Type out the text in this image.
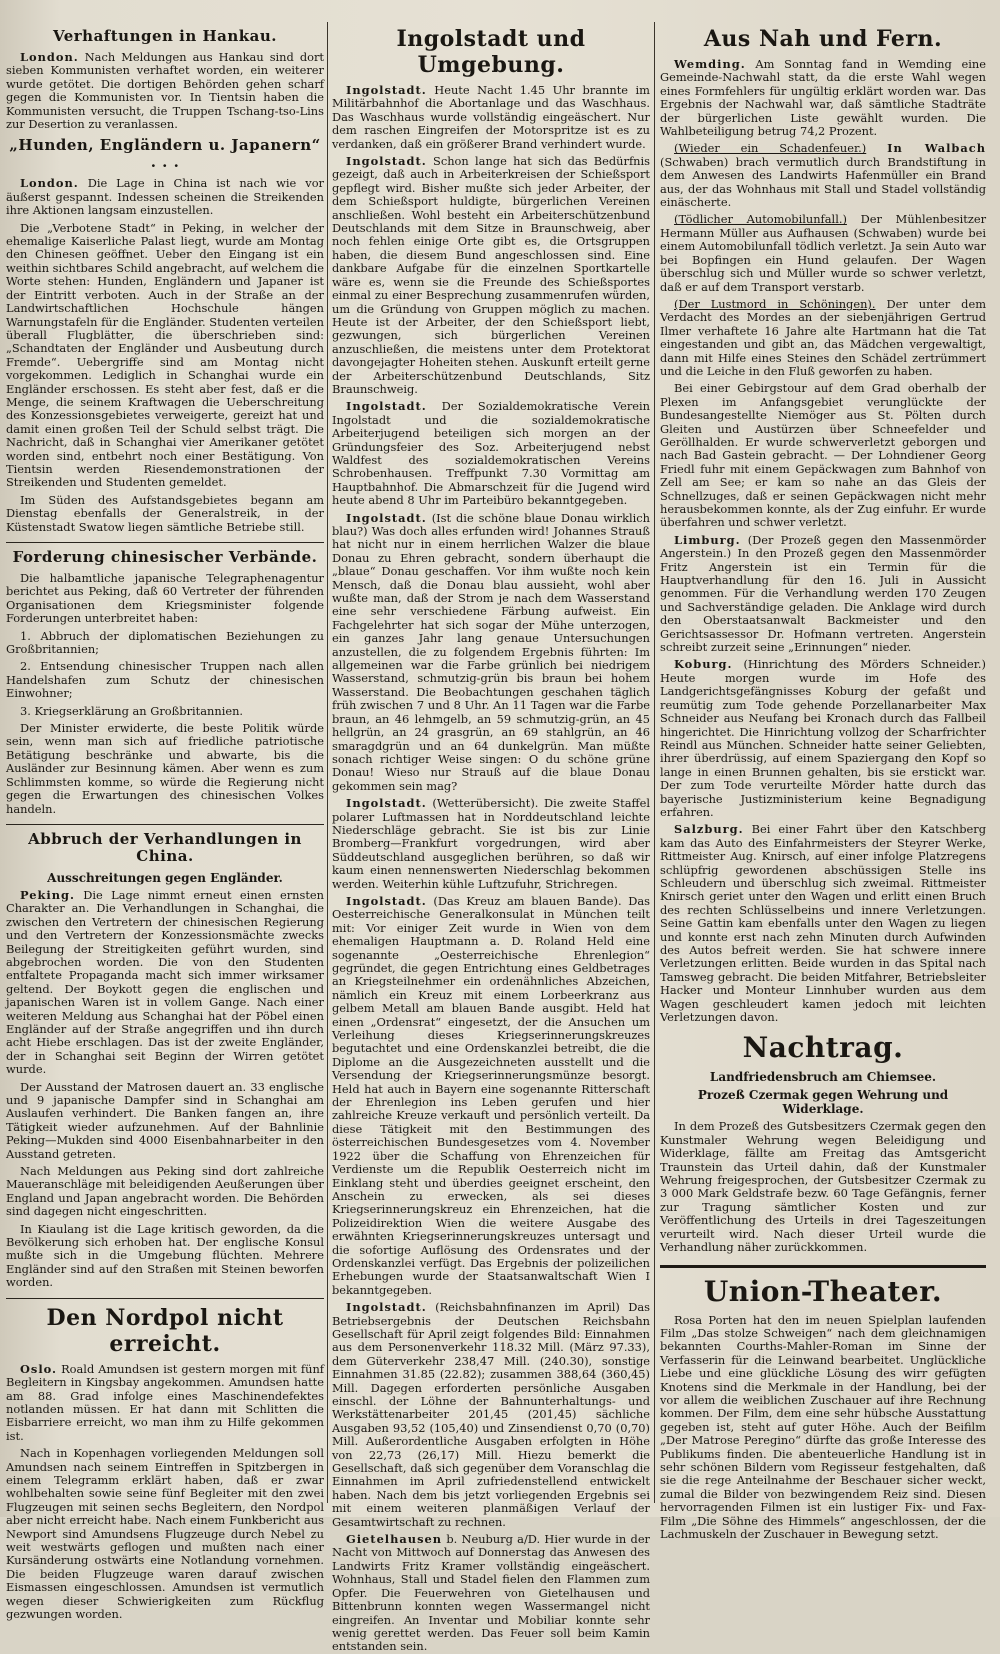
Verhaftungen in Hankau.

London. Nach Meldungen aus Hankau sind dort sieben Kommunisten verhaftet worden, ein weiterer wurde getötet. Die dortigen Behörden gehen scharf gegen die Kommunisten vor. In Tientsin haben die Kommunisten versucht, die Truppen Tschang-tso-Lins zur Desertion zu veranlassen.

„Hunden, Engländern u. Japanern“ . . .

London. Die Lage in China ist nach wie vor äußerst gespannt. Indessen scheinen die Streikenden ihre Aktionen langsam einzustellen.

Die „Verbotene Stadt“ in Peking, in welcher der ehemalige Kaiserliche Palast liegt, wurde am Montag den Chinesen geöffnet. Ueber den Eingang ist ein weithin sichtbares Schild angebracht, auf welchem die Worte stehen: Hunden, Engländern und Japaner ist der Eintritt verboten. Auch in der Straße an der Landwirtschaftlichen Hochschule hängen Warnungstafeln für die Engländer. Studenten verteilen überall Flugblätter, die überschrieben sind: „Schandtaten der Engländer und Ausbeutung durch Fremde“. Uebergriffe sind am Montag nicht vorgekommen. Lediglich in Schanghai wurde ein Engländer erschossen. Es steht aber fest, daß er die Menge, die seinem Kraftwagen die Ueberschreitung des Konzessionsgebietes verweigerte, gereizt hat und damit einen großen Teil der Schuld selbst trägt. Die Nachricht, daß in Schanghai vier Amerikaner getötet worden sind, entbehrt noch einer Bestätigung. Von Tientsin werden Riesendemonstrationen der Streikenden und Studenten gemeldet.

Im Süden des Aufstandsgebietes begann am Dienstag ebenfalls der Generalstreik, in der Küstenstadt Swatow liegen sämtliche Betriebe still.

Forderung chinesischer Verbände.

Die halbamtliche japanische Telegraphenagentur berichtet aus Peking, daß 60 Vertreter der führenden Organisationen dem Kriegsminister folgende Forderungen unterbreitet haben:

1. Abbruch der diplomatischen Beziehungen zu Großbritannien;

2. Entsendung chinesischer Truppen nach allen Handelshafen zum Schutz der chinesischen Einwohner;

3. Kriegserklärung an Großbritannien.

Der Minister erwiderte, die beste Politik würde sein, wenn man sich auf friedliche patriotische Betätigung beschränke und abwarte, bis die Ausländer zur Besinnung kämen. Aber wenn es zum Schlimmsten komme, so würde die Regierung nicht gegen die Erwartungen des chinesischen Volkes handeln.

Abbruch der Verhandlungen in China.
Ausschreitungen gegen Engländer.

Peking. Die Lage nimmt erneut einen ernsten Charakter an. Die Verhandlungen in Schanghai, die zwischen den Vertretern der chinesischen Regierung und den Vertretern der Konzessionsmächte zwecks Beilegung der Streitigkeiten geführt wurden, sind abgebrochen worden. Die von den Studenten entfaltete Propaganda macht sich immer wirksamer geltend. Der Boykott gegen die englischen und japanischen Waren ist in vollem Gange. Nach einer weiteren Meldung aus Schanghai hat der Pöbel einen Engländer auf der Straße angegriffen und ihn durch acht Hiebe erschlagen. Das ist der zweite Engländer, der in Schanghai seit Beginn der Wirren getötet wurde.

Der Ausstand der Matrosen dauert an. 33 englische und 9 japanische Dampfer sind in Schanghai am Auslaufen verhindert. Die Banken fangen an, ihre Tätigkeit wieder aufzunehmen. Auf der Bahnlinie Peking—Mukden sind 4000 Eisenbahnarbeiter in den Ausstand getreten.

Nach Meldungen aus Peking sind dort zahlreiche Maueranschläge mit beleidigenden Aeußerungen über England und Japan angebracht worden. Die Behörden sind dagegen nicht eingeschritten.

In Kiaulang ist die Lage kritisch geworden, da die Bevölkerung sich erhoben hat. Der englische Konsul mußte sich in die Umgebung flüchten. Mehrere Engländer sind auf den Straßen mit Steinen beworfen worden.

Den Nordpol nicht erreicht.

Oslo. Roald Amundsen ist gestern morgen mit fünf Begleitern in Kingsbay angekommen. Amundsen hatte am 88. Grad infolge eines Maschinendefektes notlanden müssen. Er hat dann mit Schlitten die Eisbarriere erreicht, wo man ihm zu Hilfe gekommen ist.

Nach in Kopenhagen vorliegenden Meldungen soll Amundsen nach seinem Eintreffen in Spitzbergen in einem Telegramm erklärt haben, daß er zwar wohlbehalten sowie seine fünf Begleiter mit den zwei Flugzeugen mit seinen sechs Begleitern, den Nordpol aber nicht erreicht habe. Nach einem Funkbericht aus Newport sind Amundsens Flugzeuge durch Nebel zu weit westwärts geflogen und mußten nach einer Kursänderung ostwärts eine Notlandung vornehmen. Die beiden Flugzeuge waren darauf zwischen Eismassen eingeschlossen. Amundsen ist vermutlich wegen dieser Schwierigkeiten zum Rückflug gezwungen worden.

Ingolstadt und Umgebung.

Ingolstadt. Heute Nacht 1.45 Uhr brannte im Militärbahnhof die Abortanlage und das Waschhaus. Das Waschhaus wurde vollständig eingeäschert. Nur dem raschen Eingreifen der Motorspritze ist es zu verdanken, daß ein größerer Brand verhindert wurde.

Ingolstadt. Schon lange hat sich das Bedürfnis gezeigt, daß auch in Arbeiterkreisen der Schießsport gepflegt wird. Bisher mußte sich jeder Arbeiter, der dem Schießsport huldigte, bürgerlichen Vereinen anschließen. Wohl besteht ein Arbeiterschützenbund Deutschlands mit dem Sitze in Braunschweig, aber noch fehlen einige Orte gibt es, die Ortsgruppen haben, die diesem Bund angeschlossen sind. Eine dankbare Aufgabe für die einzelnen Sportkartelle wäre es, wenn sie die Freunde des Schießsportes einmal zu einer Besprechung zusammenrufen würden, um die Gründung von Gruppen möglich zu machen. Heute ist der Arbeiter, der den Schießsport liebt, gezwungen, sich bürgerlichen Vereinen anzuschließen, die meistens unter dem Protektorat davongejagter Hoheiten stehen. Auskunft erteilt gerne der Arbeiterschützenbund Deutschlands, Sitz Braunschweig.

Ingolstadt. Der Sozialdemokratische Verein Ingolstadt und die sozialdemokratische Arbeiterjugend beteiligen sich morgen an der Gründungsfeier des Soz. Arbeiterjugend nebst Waldfest des sozialdemokratischen Vereins Schrobenhausen. Treffpunkt 7.30 Vormittag am Hauptbahnhof. Die Abmarschzeit für die Jugend wird heute abend 8 Uhr im Parteibüro bekanntgegeben.

Ingolstadt. (Ist die schöne blaue Donau wirklich blau?) Was doch alles erfunden wird! Johannes Strauß hat nicht nur in einem herrlichen Walzer die blaue Donau zu Ehren gebracht, sondern überhaupt die „blaue“ Donau geschaffen. Vor ihm wußte noch kein Mensch, daß die Donau blau aussieht, wohl aber wußte man, daß der Strom je nach dem Wasserstand eine sehr verschiedene Färbung aufweist. Ein Fachgelehrter hat sich sogar der Mühe unterzogen, ein ganzes Jahr lang genaue Untersuchungen anzustellen, die zu folgendem Ergebnis führten: Im allgemeinen war die Farbe grünlich bei niedrigem Wasserstand, schmutzig-grün bis braun bei hohem Wasserstand. Die Beobachtungen geschahen täglich früh zwischen 7 und 8 Uhr. An 11 Tagen war die Farbe braun, an 46 lehmgelb, an 59 schmutzig-grün, an 45 hellgrün, an 24 grasgrün, an 69 stahlgrün, an 46 smaragdgrün und an 64 dunkelgrün. Man müßte sonach richtiger Weise singen: O du schöne grüne Donau! Wieso nur Strauß auf die blaue Donau gekommen sein mag?

Ingolstadt. (Wetterübersicht). Die zweite Staffel polarer Luftmassen hat in Norddeutschland leichte Niederschläge gebracht. Sie ist bis zur Linie Bromberg—Frankfurt vorgedrungen, wird aber Süddeutschland ausgeglichen berühren, so daß wir kaum einen nennenswerten Niederschlag bekommen werden. Weiterhin kühle Luftzufuhr, Strichregen.

Ingolstadt. (Das Kreuz am blauen Bande). Das Oesterreichische Generalkonsulat in München teilt mit: Vor einiger Zeit wurde in Wien von dem ehemaligen Hauptmann a. D. Roland Held eine sogenannte „Oesterreichische Ehrenlegion“ gegründet, die gegen Entrichtung eines Geldbetrages an Kriegsteilnehmer ein ordenähnliches Abzeichen, nämlich ein Kreuz mit einem Lorbeerkranz aus gelbem Metall am blauen Bande ausgibt. Held hat einen „Ordensrat“ eingesetzt, der die Ansuchen um Verleihung dieses Kriegserinnerungskreuzes begutachtet und eine Ordenskanzlei betreibt, die die Diplome an die Ausgezeichneten ausstellt und die Versendung der Kriegserinnerungsmünze besorgt. Held hat auch in Bayern eine sogenannte Ritterschaft der Ehrenlegion ins Leben gerufen und hier zahlreiche Kreuze verkauft und persönlich verteilt. Da diese Tätigkeit mit den Bestimmungen des österreichischen Bundesgesetzes vom 4. November 1922 über die Schaffung von Ehrenzeichen für Verdienste um die Republik Oesterreich nicht im Einklang steht und überdies geeignet erscheint, den Anschein zu erwecken, als sei dieses Kriegserinnerungskreuz ein Ehrenzeichen, hat die Polizeidirektion Wien die weitere Ausgabe des erwähnten Kriegserinnerungskreuzes untersagt und die sofortige Auflösung des Ordensrates und der Ordenskanzlei verfügt. Das Ergebnis der polizeilichen Erhebungen wurde der Staatsanwaltschaft Wien I bekanntgegeben.

Ingolstadt. (Reichsbahnfinanzen im April) Das Betriebsergebnis der Deutschen Reichsbahn Gesellschaft für April zeigt folgendes Bild: Einnahmen aus dem Personenverkehr 118.32 Mill. (März 97.33), dem Güterverkehr 238,47 Mill. (240.30), sonstige Einnahmen 31.85 (22.82); zusammen 388,64 (360,45) Mill. Dagegen erforderten persönliche Ausgaben einschl. der Löhne der Bahnunterhaltungs- und Werkstättenarbeiter 201,45 (201,45) sächliche Ausgaben 93,52 (105,40) und Zinsendienst 0,70 (0,70) Mill. Außerordentliche Ausgaben erfolgten in Höhe von 22,73 (26,17) Mill. Hiezu bemerkt die Gesellschaft, daß sich gegenüber dem Voranschlag die Einnahmen im April zufriedenstellend entwickelt haben. Nach dem bis jetzt vorliegenden Ergebnis sei mit einem weiteren planmäßigen Verlauf der Gesamtwirtschaft zu rechnen.

Gietelhausen b. Neuburg a/D. Hier wurde in der Nacht von Mittwoch auf Donnerstag das Anwesen des Landwirts Fritz Kramer vollständig eingeäschert. Wohnhaus, Stall und Stadel fielen den Flammen zum Opfer. Die Feuerwehren von Gietelhausen und Bittenbrunn konnten wegen Wassermangel nicht eingreifen. An Inventar und Mobiliar konnte sehr wenig gerettet werden. Das Feuer soll beim Kamin entstanden sein.

Aus Nah und Fern.

Wemding. Am Sonntag fand in Wemding eine Gemeinde-Nachwahl statt, da die erste Wahl wegen eines Formfehlers für ungültig erklärt worden war. Das Ergebnis der Nachwahl war, daß sämtliche Stadträte der bürgerlichen Liste gewählt wurden. Die Wahlbeteiligung betrug 74,2 Prozent.

(Wieder ein Schadenfeuer.) In Walbach (Schwaben) brach vermutlich durch Brandstiftung in dem Anwesen des Landwirts Hafenmüller ein Brand aus, der das Wohnhaus mit Stall und Stadel vollständig einäscherte.

(Tödlicher Automobilunfall.) Der Mühlenbesitzer Hermann Müller aus Aufhausen (Schwaben) wurde bei einem Automobilunfall tödlich verletzt. Ja sein Auto war bei Bopfingen ein Hund gelaufen. Der Wagen überschlug sich und Müller wurde so schwer verletzt, daß er auf dem Transport verstarb.

(Der Lustmord in Schöningen). Der unter dem Verdacht des Mordes an der siebenjährigen Gertrud Ilmer verhaftete 16 Jahre alte Hartmann hat die Tat eingestanden und gibt an, das Mädchen vergewaltigt, dann mit Hilfe eines Steines den Schädel zertrümmert und die Leiche in den Fluß geworfen zu haben.

Bei einer Gebirgstour auf dem Grad oberhalb der Plexen im Anfangsgebiet verunglückte der Bundesangestellte Niemöger aus St. Pölten durch Gleiten und Austürzen über Schneefelder und Geröllhalden. Er wurde schwerverletzt geborgen und nach Bad Gastein gebracht. — Der Lohndiener Georg Friedl fuhr mit einem Gepäckwagen zum Bahnhof von Zell am See; er kam so nahe an das Gleis der Schnellzuges, daß er seinen Gepäckwagen nicht mehr herausbekommen konnte, als der Zug einfuhr. Er wurde überfahren und schwer verletzt.

Limburg. (Der Prozeß gegen den Massenmörder Angerstein.) In den Prozeß gegen den Massenmörder Fritz Angerstein ist ein Termin für die Hauptverhandlung für den 16. Juli in Aussicht genommen. Für die Verhandlung werden 170 Zeugen und Sachverständige geladen. Die Anklage wird durch den Oberstaatsanwalt Backmeister und den Gerichtsassessor Dr. Hofmann vertreten. Angerstein schreibt zurzeit seine „Erinnungen“ nieder.

Koburg. (Hinrichtung des Mörders Schneider.) Heute morgen wurde im Hofe des Landgerichtsgefängnisses Koburg der gefaßt und reumütig zum Tode gehende Porzellanarbeiter Max Schneider aus Neufang bei Kronach durch das Fallbeil hingerichtet. Die Hinrichtung vollzog der Scharfrichter Reindl aus München. Schneider hatte seiner Geliebten, ihrer überdrüssig, auf einem Spaziergang den Kopf so lange in einen Brunnen gehalten, bis sie erstickt war. Der zum Tode verurteilte Mörder hatte durch das bayerische Justizministerium keine Begnadigung erfahren.

Salzburg. Bei einer Fahrt über den Katschberg kam das Auto des Einfahrmeisters der Steyrer Werke, Rittmeister Aug. Knirsch, auf einer infolge Platzregens schlüpfrig gewordenen abschüssigen Stelle ins Schleudern und überschlug sich zweimal. Rittmeister Knirsch geriet unter den Wagen und erlitt einen Bruch des rechten Schlüsselbeins und innere Verletzungen. Seine Gattin kam ebenfalls unter den Wagen zu liegen und konnte erst nach zehn Minuten durch Aufwinden des Autos befreit werden. Sie hat schwere innere Verletzungen erlitten. Beide wurden in das Spital nach Tamsweg gebracht. Die beiden Mitfahrer, Betriebsleiter Hacker und Monteur Linnhuber wurden aus dem Wagen geschleudert kamen jedoch mit leichten Verletzungen davon.

Nachtrag.
Landfriedensbruch am Chiemsee.
Prozeß Czermak gegen Wehrung und Widerklage.

In dem Prozeß des Gutsbesitzers Czermak gegen den Kunstmaler Wehrung wegen Beleidigung und Widerklage, fällte am Freitag das Amtsgericht Traunstein das Urteil dahin, daß der Kunstmaler Wehrung freigesprochen, der Gutsbesitzer Czermak zu 3 000 Mark Geldstrafe bezw. 60 Tage Gefängnis, ferner zur Tragung sämtlicher Kosten und zur Veröffentlichung des Urteils in drei Tageszeitungen verurteilt wird. Nach dieser Urteil wurde die Verhandlung näher zurückkommen.

Union-Theater.

Rosa Porten hat den im neuen Spielplan laufenden Film „Das stolze Schweigen“ nach dem gleichnamigen bekannten Courths-Mahler-Roman im Sinne der Verfasserin für die Leinwand bearbeitet. Unglückliche Liebe und eine glückliche Lösung des wirr gefügten Knotens sind die Merkmale in der Handlung, bei der vor allem die weiblichen Zuschauer auf ihre Rechnung kommen. Der Film, dem eine sehr hübsche Ausstattung gegeben ist, steht auf guter Höhe. Auch der Beifilm „Der Matrose Peregino“ dürfte das große Interesse des Publikums finden. Die abenteuerliche Handlung ist in sehr schönen Bildern vom Regisseur festgehalten, daß sie die rege Anteilnahme der Beschauer sicher weckt, zumal die Bilder von bezwingendem Reiz sind. Diesen hervorragenden Filmen ist ein lustiger Fix- und Fax-Film „Die Söhne des Himmels“ angeschlossen, der die Lachmuskeln der Zuschauer in Bewegung setzt.
